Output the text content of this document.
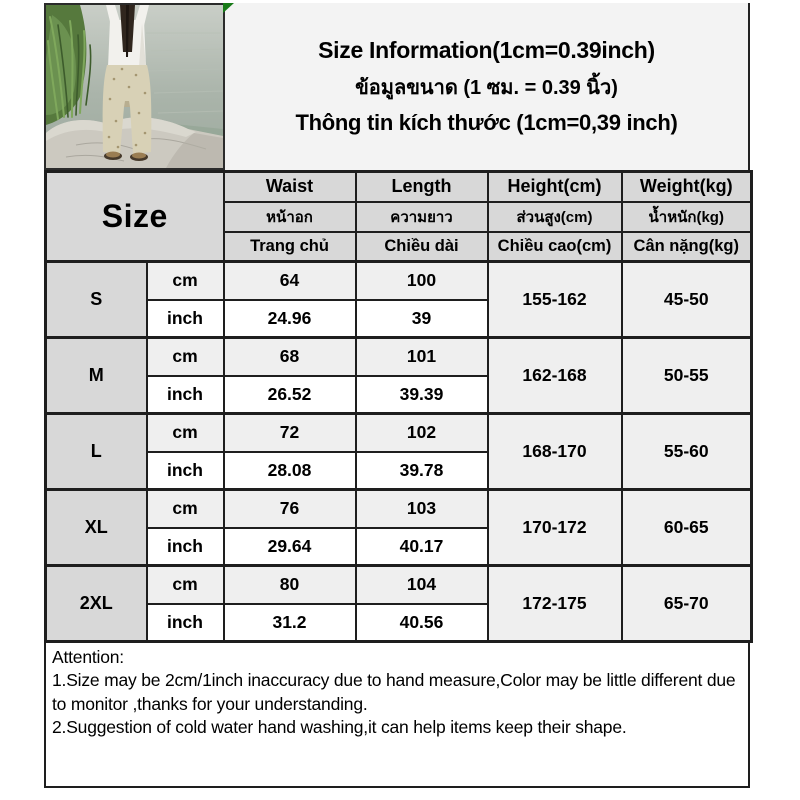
Size Information(1cm=0.39inch)
ข้อมูลขนาด (1 ซม. = 0.39 นิ้ว)
Thông tin kích thước (1cm=0,39 inch)
Size		Waist	Length	Height(cm)	Weight(kg)
		หน้าอก	ความยาว	ส่วนสูง(cm)	น้ำหนัก(kg)
		Trang chủ	Chiều dài	Chiều cao(cm)	Cân nặng(kg)
S	cm	64	100	155-162	45-50
	inch	24.96	39		
M	cm	68	101	162-168	50-55
	inch	26.52	39.39		
L	cm	72	102	168-170	55-60
	inch	28.08	39.78		
XL	cm	76	103	170-172	60-65
	inch	29.64	40.17		
2XL	cm	80	104	172-175	65-70
	inch	31.2	40.56		

Attention:

1.Size may be 2cm/1inch inaccuracy due to hand measure,Color may be little different due to monitor ,thanks for your understanding.

2.Suggestion of cold water hand washing,it can help items keep their shape.
